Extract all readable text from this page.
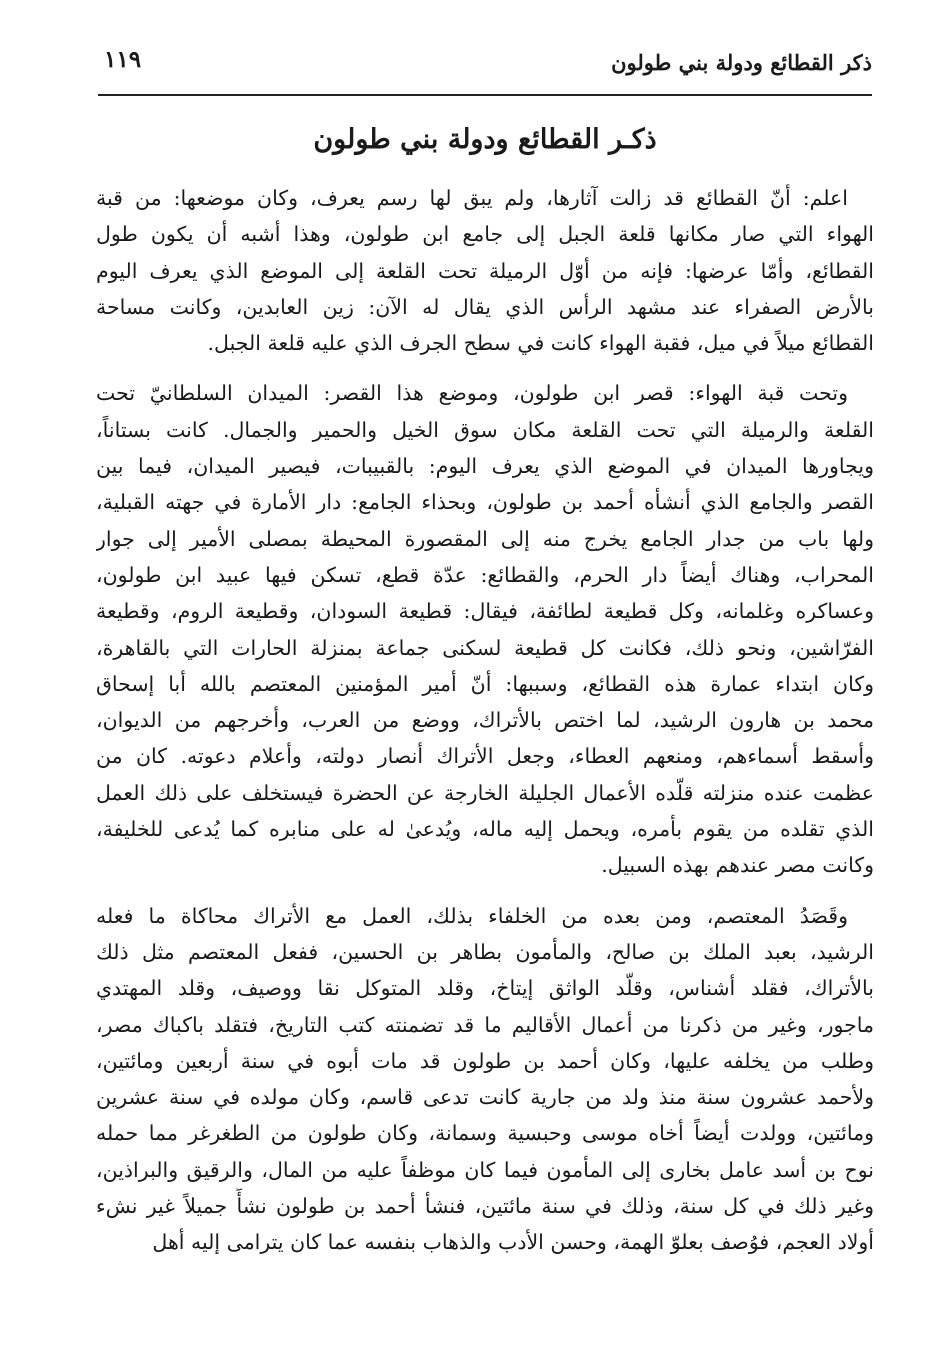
ذكر القطائع ودولة بني طولون
١١٩
ذكـر القطائع ودولة بني طولون
اعلم: أنّ القطائع قد زالت آثارها، ولم يبق لها رسم يعرف، وكان موضعها: من قبة
الهواء التي صار مكانها قلعة الجبل إلى جامع ابن طولون، وهذا أشبه أن يكون طول
القطائع، وأمّا عرضها: فإنه من أوّل الرميلة تحت القلعة إلى الموضع الذي يعرف اليوم
بالأرض الصفراء عند مشهد الرأس الذي يقال له الآن: زين العابدين، وكانت مساحة
القطائع ميلاً في ميل، فقبة الهواء كانت في سطح الجرف الذي عليه قلعة الجبل.
وتحت قبة الهواء: قصر ابن طولون، وموضع هذا القصر: الميدان السلطانيّ تحت
القلعة والرميلة التي تحت القلعة مكان سوق الخيل والحمير والجمال. كانت بستاناً،
ويجاورها الميدان في الموضع الذي يعرف اليوم: بالقبيبات، فيصير الميدان، فيما بين
القصر والجامع الذي أنشأه أحمد بن طولون، وبحذاء الجامع: دار الأمارة في جهته القبلية،
ولها باب من جدار الجامع يخرج منه إلى المقصورة المحيطة بمصلى الأمير إلى جوار
المحراب، وهناك أيضاً دار الحرم، والقطائع: عدّة قطع، تسكن فيها عبيد ابن طولون،
وعساكره وغلمانه، وكل قطيعة لطائفة، فيقال: قطيعة السودان، وقطيعة الروم، وقطيعة
الفرّاشين، ونحو ذلك، فكانت كل قطيعة لسكنى جماعة بمنزلة الحارات التي بالقاهرة،
وكان ابتداء عمارة هذه القطائع، وسببها: أنّ أمير المؤمنين المعتصم بالله أبا إسحاق
محمد بن هارون الرشيد، لما اختص بالأتراك، ووضع من العرب، وأخرجهم من الديوان،
وأسقط أسماءهم، ومنعهم العطاء، وجعل الأتراك أنصار دولته، وأعلام دعوته. كان من
عظمت عنده منزلته قلّده الأعمال الجليلة الخارجة عن الحضرة فيستخلف على ذلك العمل
الذي تقلده من يقوم بأمره، ويحمل إليه ماله، ويُدعىٰ له على منابره كما يُدعى للخليفة،
وكانت مصر عندهم بهذه السبيل.
وقَصَدُ المعتصم، ومن بعده من الخلفاء بذلك، العمل مع الأتراك محاكاة ما فعله
الرشيد، بعبد الملك بن صالح، والمأمون بطاهر بن الحسين، ففعل المعتصم مثل ذلك
بالأتراك، فقلد أشناس، وقلّد الواثق إيتاخ، وقلد المتوكل نقا ووصيف، وقلد المهتدي
ماجور، وغير من ذكرنا من أعمال الأقاليم ما قد تضمنته كتب التاريخ، فتقلد باكباك مصر،
وطلب من يخلفه عليها، وكان أحمد بن طولون قد مات أبوه في سنة أربعين ومائتين،
ولأحمد عشرون سنة منذ ولد من جارية كانت تدعى قاسم، وكان مولده في سنة عشرين
ومائتين، وولدت أيضاً أخاه موسى وحبسية وسمانة، وكان طولون من الطغرغر مما حمله
نوح بن أسد عامل بخارى إلى المأمون فيما كان موظفاً عليه من المال، والرقيق والبراذين،
وغير ذلك في كل سنة، وذلك في سنة مائتين، فنشأ أحمد بن طولون نشأً جميلاً غير نشء
أولاد العجم، فوُصف بعلوّ الهمة، وحسن الأدب والذهاب بنفسه عما كان يترامى إليه أهل
